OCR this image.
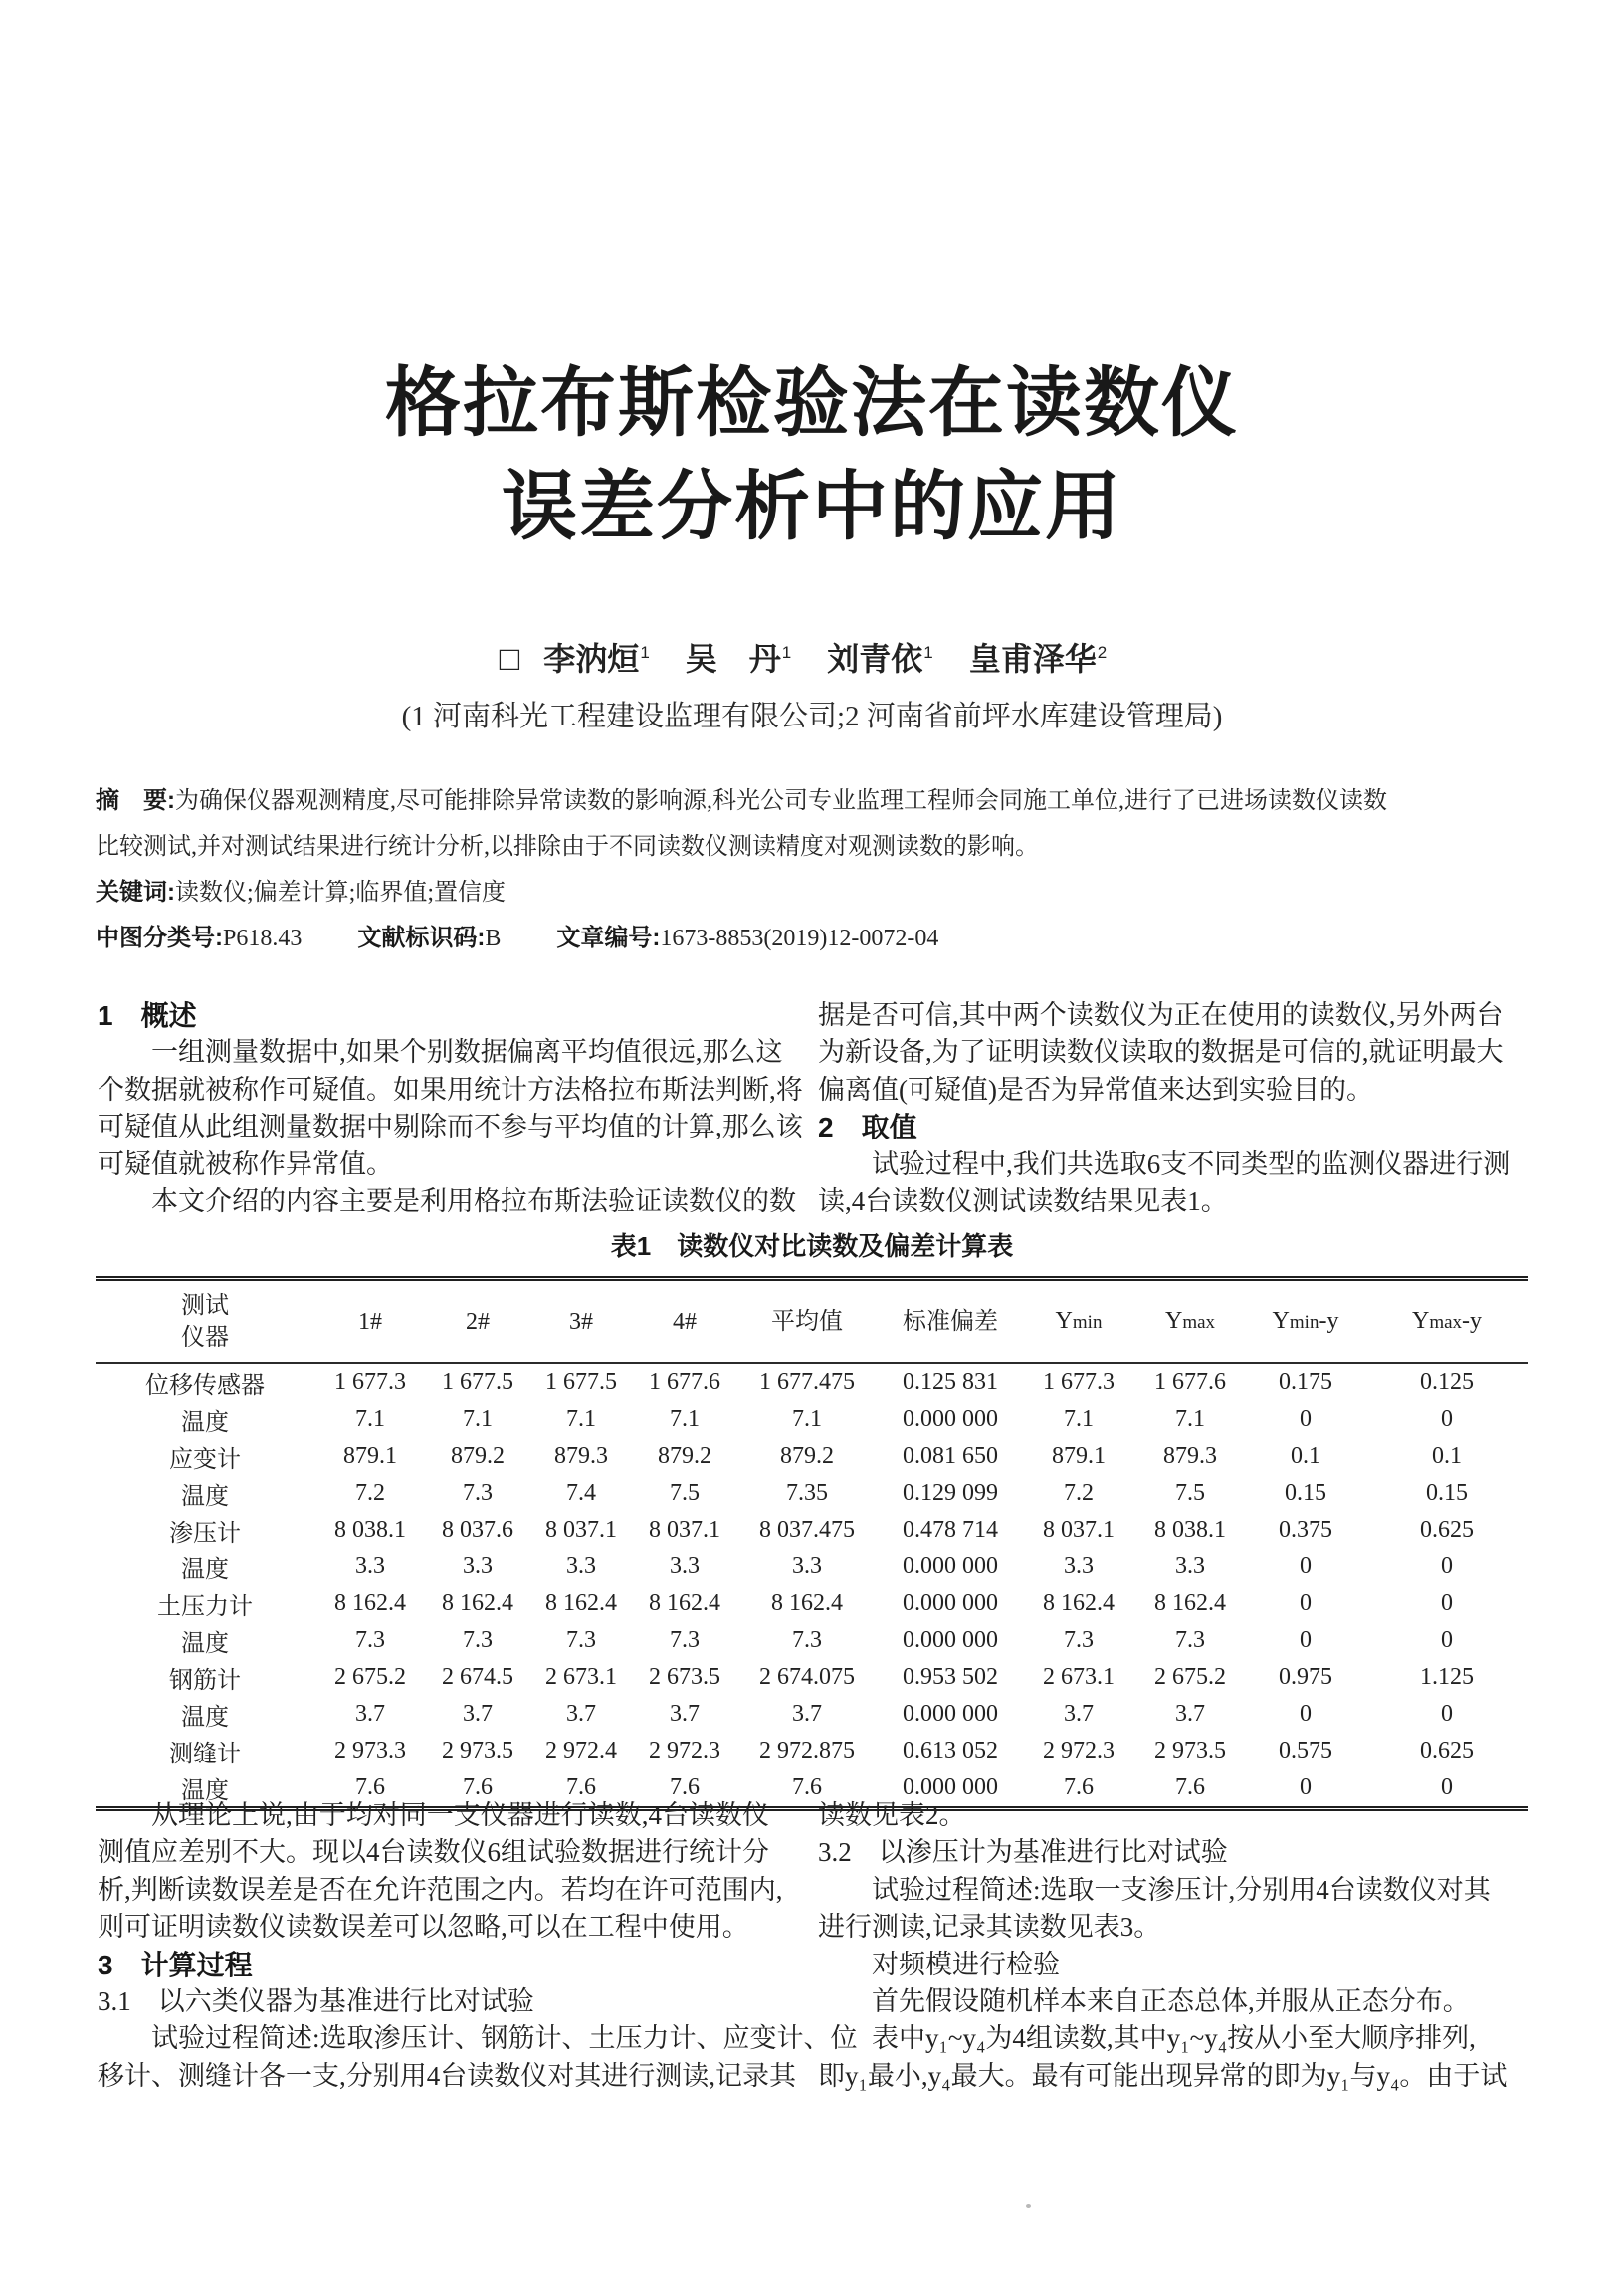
格拉布斯检验法在读数仪
误差分析中的应用
□ 李汭烜$^1$ 吴　丹$^1$ 刘青依$^1$ 皇甫泽华$^2$
(1 河南科光工程建设监理有限公司;2 河南省前坪水库建设管理局)
摘　要:为确保仪器观测精度,尽可能排除异常读数的影响源,科光公司专业监理工程师会同施工单位,进行了已进场读数仪读数
比较测试,并对测试结果进行统计分析,以排除由于不同读数仪测读精度对观测读数的影响。
关键词:读数仪;偏差计算;临界值;置信度
中图分类号:P618.43 文献标识码:B 文章编号:1673-8853(2019)12-0072-04
1　概述
　　一组测量数据中,如果个别数据偏离平均值很远,那么这
个数据就被称作可疑值。如果用统计方法格拉布斯法判断,将
可疑值从此组测量数据中剔除而不参与平均值的计算,那么该
可疑值就被称作异常值。
　　本文介绍的内容主要是利用格拉布斯法验证读数仪的数
据是否可信,其中两个读数仪为正在使用的读数仪,另外两台
为新设备,为了证明读数仪读取的数据是可信的,就证明最大
偏离值(可疑值)是否为异常值来达到实验目的。
2　取值
　　试验过程中,我们共选取6支不同类型的监测仪器进行测
读,4台读数仪测试读数结果见表1。
表1　读数仪对比读数及偏差计算表
测试
仪器	1#	2#	3#	4#	平均值	标准偏差	Ymin	Ymax	Ymin-y	Ymax-y
位移传感器	1 677.3	1 677.5	1 677.5	1 677.6	1 677.475	0.125 831	1 677.3	1 677.6	0.175	0.125
温度	7.1	7.1	7.1	7.1	7.1	0.000 000	7.1	7.1	0	0
应变计	879.1	879.2	879.3	879.2	879.2	0.081 650	879.1	879.3	0.1	0.1
温度	7.2	7.3	7.4	7.5	7.35	0.129 099	7.2	7.5	0.15	0.15
渗压计	8 038.1	8 037.6	8 037.1	8 037.1	8 037.475	0.478 714	8 037.1	8 038.1	0.375	0.625
温度	3.3	3.3	3.3	3.3	3.3	0.000 000	3.3	3.3	0	0
土压力计	8 162.4	8 162.4	8 162.4	8 162.4	8 162.4	0.000 000	8 162.4	8 162.4	0	0
温度	7.3	7.3	7.3	7.3	7.3	0.000 000	7.3	7.3	0	0
钢筋计	2 675.2	2 674.5	2 673.1	2 673.5	2 674.075	0.953 502	2 673.1	2 675.2	0.975	1.125
温度	3.7	3.7	3.7	3.7	3.7	0.000 000	3.7	3.7	0	0
测缝计	2 973.3	2 973.5	2 972.4	2 972.3	2 972.875	0.613 052	2 972.3	2 973.5	0.575	0.625
温度	7.6	7.6	7.6	7.6	7.6	0.000 000	7.6	7.6	0	0
　　从理论上说,由于均对同一支仪器进行读数,4台读数仪
测值应差别不大。现以4台读数仪6组试验数据进行统计分
析,判断读数误差是否在允许范围之内。若均在许可范围内,
则可证明读数仪读数误差可以忽略,可以在工程中使用。
3　计算过程
3.1　以六类仪器为基准进行比对试验
　　试验过程简述:选取渗压计、钢筋计、土压力计、应变计、位
移计、测缝计各一支,分别用4台读数仪对其进行测读,记录其
读数见表2。
3.2　以渗压计为基准进行比对试验
　　试验过程简述:选取一支渗压计,分别用4台读数仪对其
进行测读,记录其读数见表3。
　　对频模进行检验
　　首先假设随机样本来自正态总体,并服从正态分布。
　　表中y₁~y₄为4组读数,其中y₁~y₄按从小至大顺序排列,
即y₁最小,y₄最大。最有可能出现异常的即为y₁与y₄。由于试
